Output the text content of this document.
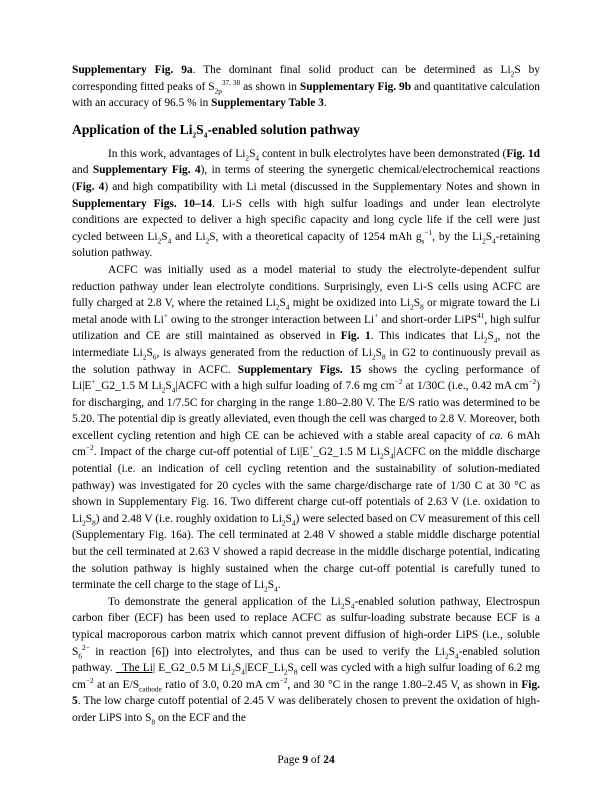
Supplementary Fig. 9a. The dominant final solid product can be determined as $Li_2S$ by corresponding fitted peaks of $S_{2p}^{37, 38}$ as shown in Supplementary Fig. 9b and quantitative calculation with an accuracy of 96.5 % in Supplementary Table 3.

Application of the $Li_2S_4$-enabled solution pathway

In this work, advantages of $Li_2S_4$ content in bulk electrolytes have been demonstrated (Fig. 1d and Supplementary Fig. 4), in terms of steering the synergetic chemical/electrochemical reactions (Fig. 4) and high compatibility with Li metal (discussed in the Supplementary Notes and shown in Supplementary Figs. 10–14. Li-S cells with high sulfur loadings and under lean electrolyte conditions are expected to deliver a high specific capacity and long cycle life if the cell were just cycled between $Li_2S_4$ and $Li_2S$, with a theoretical capacity of 1254 mAh $g_s^{-1}$, by the $Li_2S_4$-retaining solution pathway.

ACFC was initially used as a model material to study the electrolyte-dependent sulfur reduction pathway under lean electrolyte conditions. Surprisingly, even Li-S cells using ACFC are fully charged at 2.8 V, where the retained $Li_2S_4$ might be oxidized into $Li_2S_8$ or migrate toward the Li metal anode with Li+ owing to the stronger interaction between Li+ and short-order LiPS$^{41}$, high sulfur utilization and CE are still maintained as observed in Fig. 1. This indicates that $Li_2S_4$, not the intermediate $Li_2S_6$, is always generated from the reduction of $Li_2S_8$ in G2 to continuously prevail as the solution pathway in ACFC. Supplementary Figs. 15 shows the cycling performance of Li|E+_G2_1.5 M $Li_2S_4|ACFC$ with a high sulfur loading of 7.6 mg $cm^{-2}$ at 1/30C (i.e., 0.42 mA $cm^{-2}$) for discharging, and 1/7.5C for charging in the range 1.80–2.80 V. The E/S ratio was determined to be 5.20. The potential dip is greatly alleviated, even though the cell was charged to 2.8 V. Moreover, both excellent cycling retention and high CE can be achieved with a stable areal capacity of ca. 6 mAh $cm^{-2}$. Impact of the charge cut-off potential of Li|E+_G2_1.5 M $Li_2S_4|ACFC$ on the middle discharge potential (i.e. an indication of cell cycling retention and the sustainability of solution-mediated pathway) was investigated for 20 cycles with the same charge/discharge rate of 1/30 C at 30 °C as shown in Supplementary Fig. 16. Two different charge cut-off potentials of 2.63 V (i.e. oxidation to $Li_2S_8$) and 2.48 V (i.e. roughly oxidation to $Li_2S_4$) were selected based on CV measurement of this cell (Supplementary Fig. 16a). The cell terminated at 2.48 V showed a stable middle discharge potential but the cell terminated at 2.63 V showed a rapid decrease in the middle discharge potential, indicating the solution pathway is highly sustained when the charge cut-off potential is carefully tuned to terminate the cell charge to the stage of $Li_2S_4$.

To demonstrate the general application of the $Li_2S_4$-enabled solution pathway, Electrospun carbon fiber (ECF) has been used to replace ACFC as sulfur-loading substrate because ECF is a typical macroporous carbon matrix which cannot prevent diffusion of high-order LiPS (i.e., soluble $S_6^{2-}$ in reaction [6]) into electrolytes, and thus can be used to verify the $Li_2S_4$-enabled solution pathway.   The Li| E_G2_0.5 M $Li_2S_4|ECF\_Li_2S_8$ cell was cycled with a high sulfur loading of 6.2 mg $cm^{-2}$ at an $E/S_{cathode}$ ratio of 3.0, 0.20 mA $cm^{-2}$, and 30 °C in the range 1.80–2.45 V, as shown in Fig. 5. The low charge cutoff potential of 2.45 V was deliberately chosen to prevent the oxidation of high-order LiPS into $S_8$ on the ECF and the

Page 9 of 24
